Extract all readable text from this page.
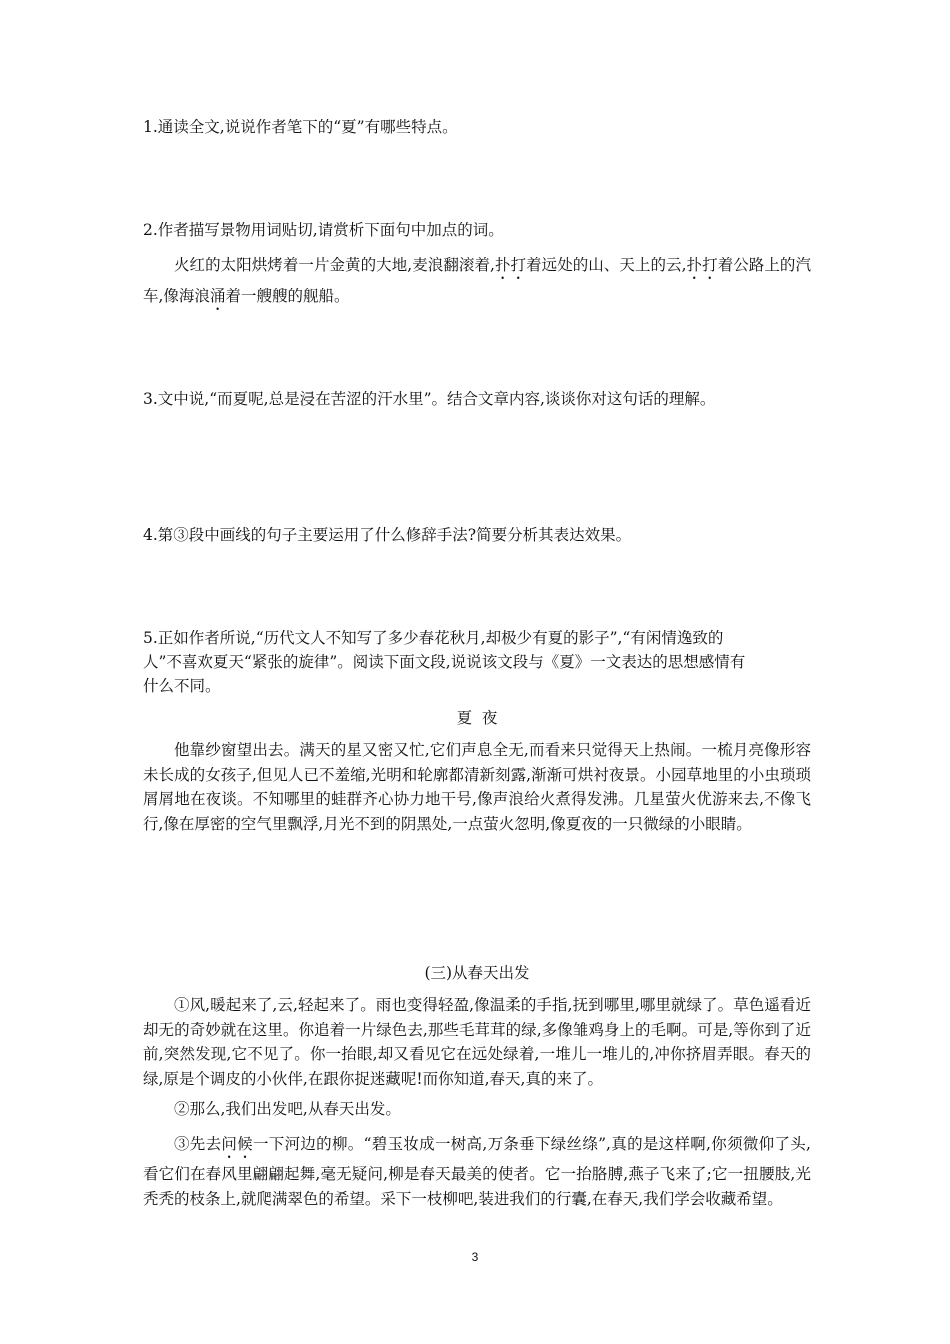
1.通读全文,说说作者笔下的“夏”有哪些特点。
2.作者描写景物用词贴切,请赏析下面句中加点的词。
火红的太阳烘烤着一片金黄的大地,麦浪翻滚着,扑打着远处的山、天上的云,扑打着公路上的汽车,像海浪涌着一艘艘的舰船。
3.文中说,“而夏呢,总是浸在苦涩的汗水里”。结合文章内容,谈谈你对这句话的理解。
4.第③段中画线的句子主要运用了什么修辞手法?简要分析其表达效果。
5.正如作者所说,“历代文人不知写了多少春花秋月,却极少有夏的影子”,“有闲情逸致的
人”不喜欢夏天“紧张的旋律”。阅读下面文段,说说该文段与《夏》一文表达的思想感情有
什么不同。
夏  夜
他靠纱窗望出去。满天的星又密又忙,它们声息全无,而看来只觉得天上热闹。一梳月亮像形容未长成的女孩子,但见人已不羞缩,光明和轮廓都清新刻露,渐渐可烘衬夜景。小园草地里的小虫琐琐屑屑地在夜谈。不知哪里的蛙群齐心协力地干号,像声浪给火煮得发沸。几星萤火优游来去,不像飞行,像在厚密的空气里飘浮,月光不到的阴黑处,一点萤火忽明,像夏夜的一只微绿的小眼睛。
(三)从春天出发
①风,暖起来了,云,轻起来了。雨也变得轻盈,像温柔的手指,抚到哪里,哪里就绿了。草色遥看近却无的奇妙就在这里。你追着一片绿色去,那些毛茸茸的绿,多像雏鸡身上的毛啊。可是,等你到了近前,突然发现,它不见了。你一抬眼,却又看见它在远处绿着,一堆儿一堆儿的,冲你挤眉弄眼。春天的绿,原是个调皮的小伙伴,在跟你捉迷藏呢!而你知道,春天,真的来了。
②那么,我们出发吧,从春天出发。
③先去问候一下河边的柳。“碧玉妆成一树高,万条垂下绿丝绦”,真的是这样啊,你须微仰了头,看它们在春风里翩翩起舞,毫无疑问,柳是春天最美的使者。它一抬胳膊,燕子飞来了;它一扭腰肢,光秃秃的枝条上,就爬满翠色的希望。采下一枝柳吧,装进我们的行囊,在春天,我们学会收藏希望。
3
